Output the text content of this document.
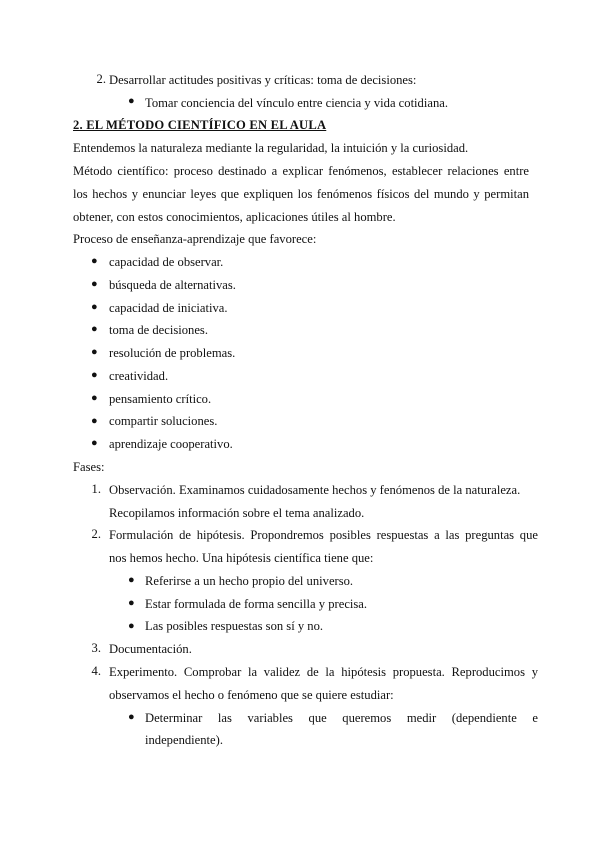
2. Desarrollar actitudes positivas y críticas: toma de decisiones:
● Tomar conciencia del vínculo entre ciencia y vida cotidiana.
2. EL MÉTODO CIENTÍFICO EN EL AULA
Entendemos la naturaleza mediante la regularidad, la intuición y la curiosidad.
Método científico: proceso destinado a explicar fenómenos, establecer relaciones entre
los hechos y enunciar leyes que expliquen los fenómenos físicos del mundo y permitan
obtener, con estos conocimientos, aplicaciones útiles al hombre.
Proceso de enseñanza-aprendizaje que favorece:
● capacidad de observar.
● búsqueda de alternativas.
● capacidad de iniciativa.
● toma de decisiones.
● resolución de problemas.
● creatividad.
● pensamiento crítico.
● compartir soluciones.
● aprendizaje cooperativo.
Fases:
1. Observación. Examinamos cuidadosamente hechos y fenómenos de la naturaleza.
Recopilamos información sobre el tema analizado.
2. Formulación de hipótesis. Propondremos posibles respuestas a las preguntas que
nos hemos hecho. Una hipótesis científica tiene que:
● Referirse a un hecho propio del universo.
● Estar formulada de forma sencilla y precisa.
● Las posibles respuestas son sí y no.
3. Documentación.
4. Experimento. Comprobar la validez de la hipótesis propuesta. Reproducimos y
observamos el hecho o fenómeno que se quiere estudiar:
● Determinar las variables que queremos medir (dependiente e
independiente).
